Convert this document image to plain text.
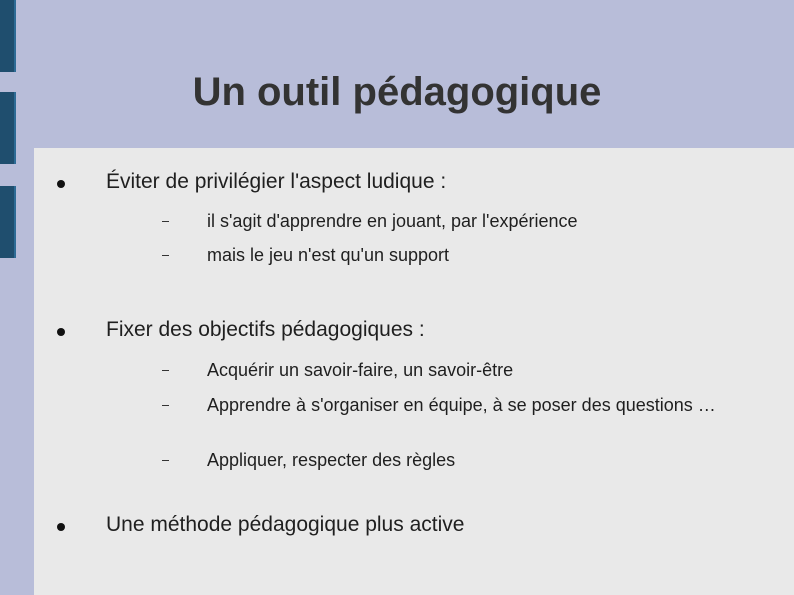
Un outil pédagogique
Éviter de privilégier l'aspect ludique :
il s'agit d'apprendre en jouant, par l'expérience
mais le jeu n'est qu'un support
Fixer des objectifs pédagogiques :
Acquérir un savoir-faire, un savoir-être
Apprendre à s'organiser en équipe, à se poser des questions …
Appliquer, respecter des règles
Une méthode pédagogique plus active
